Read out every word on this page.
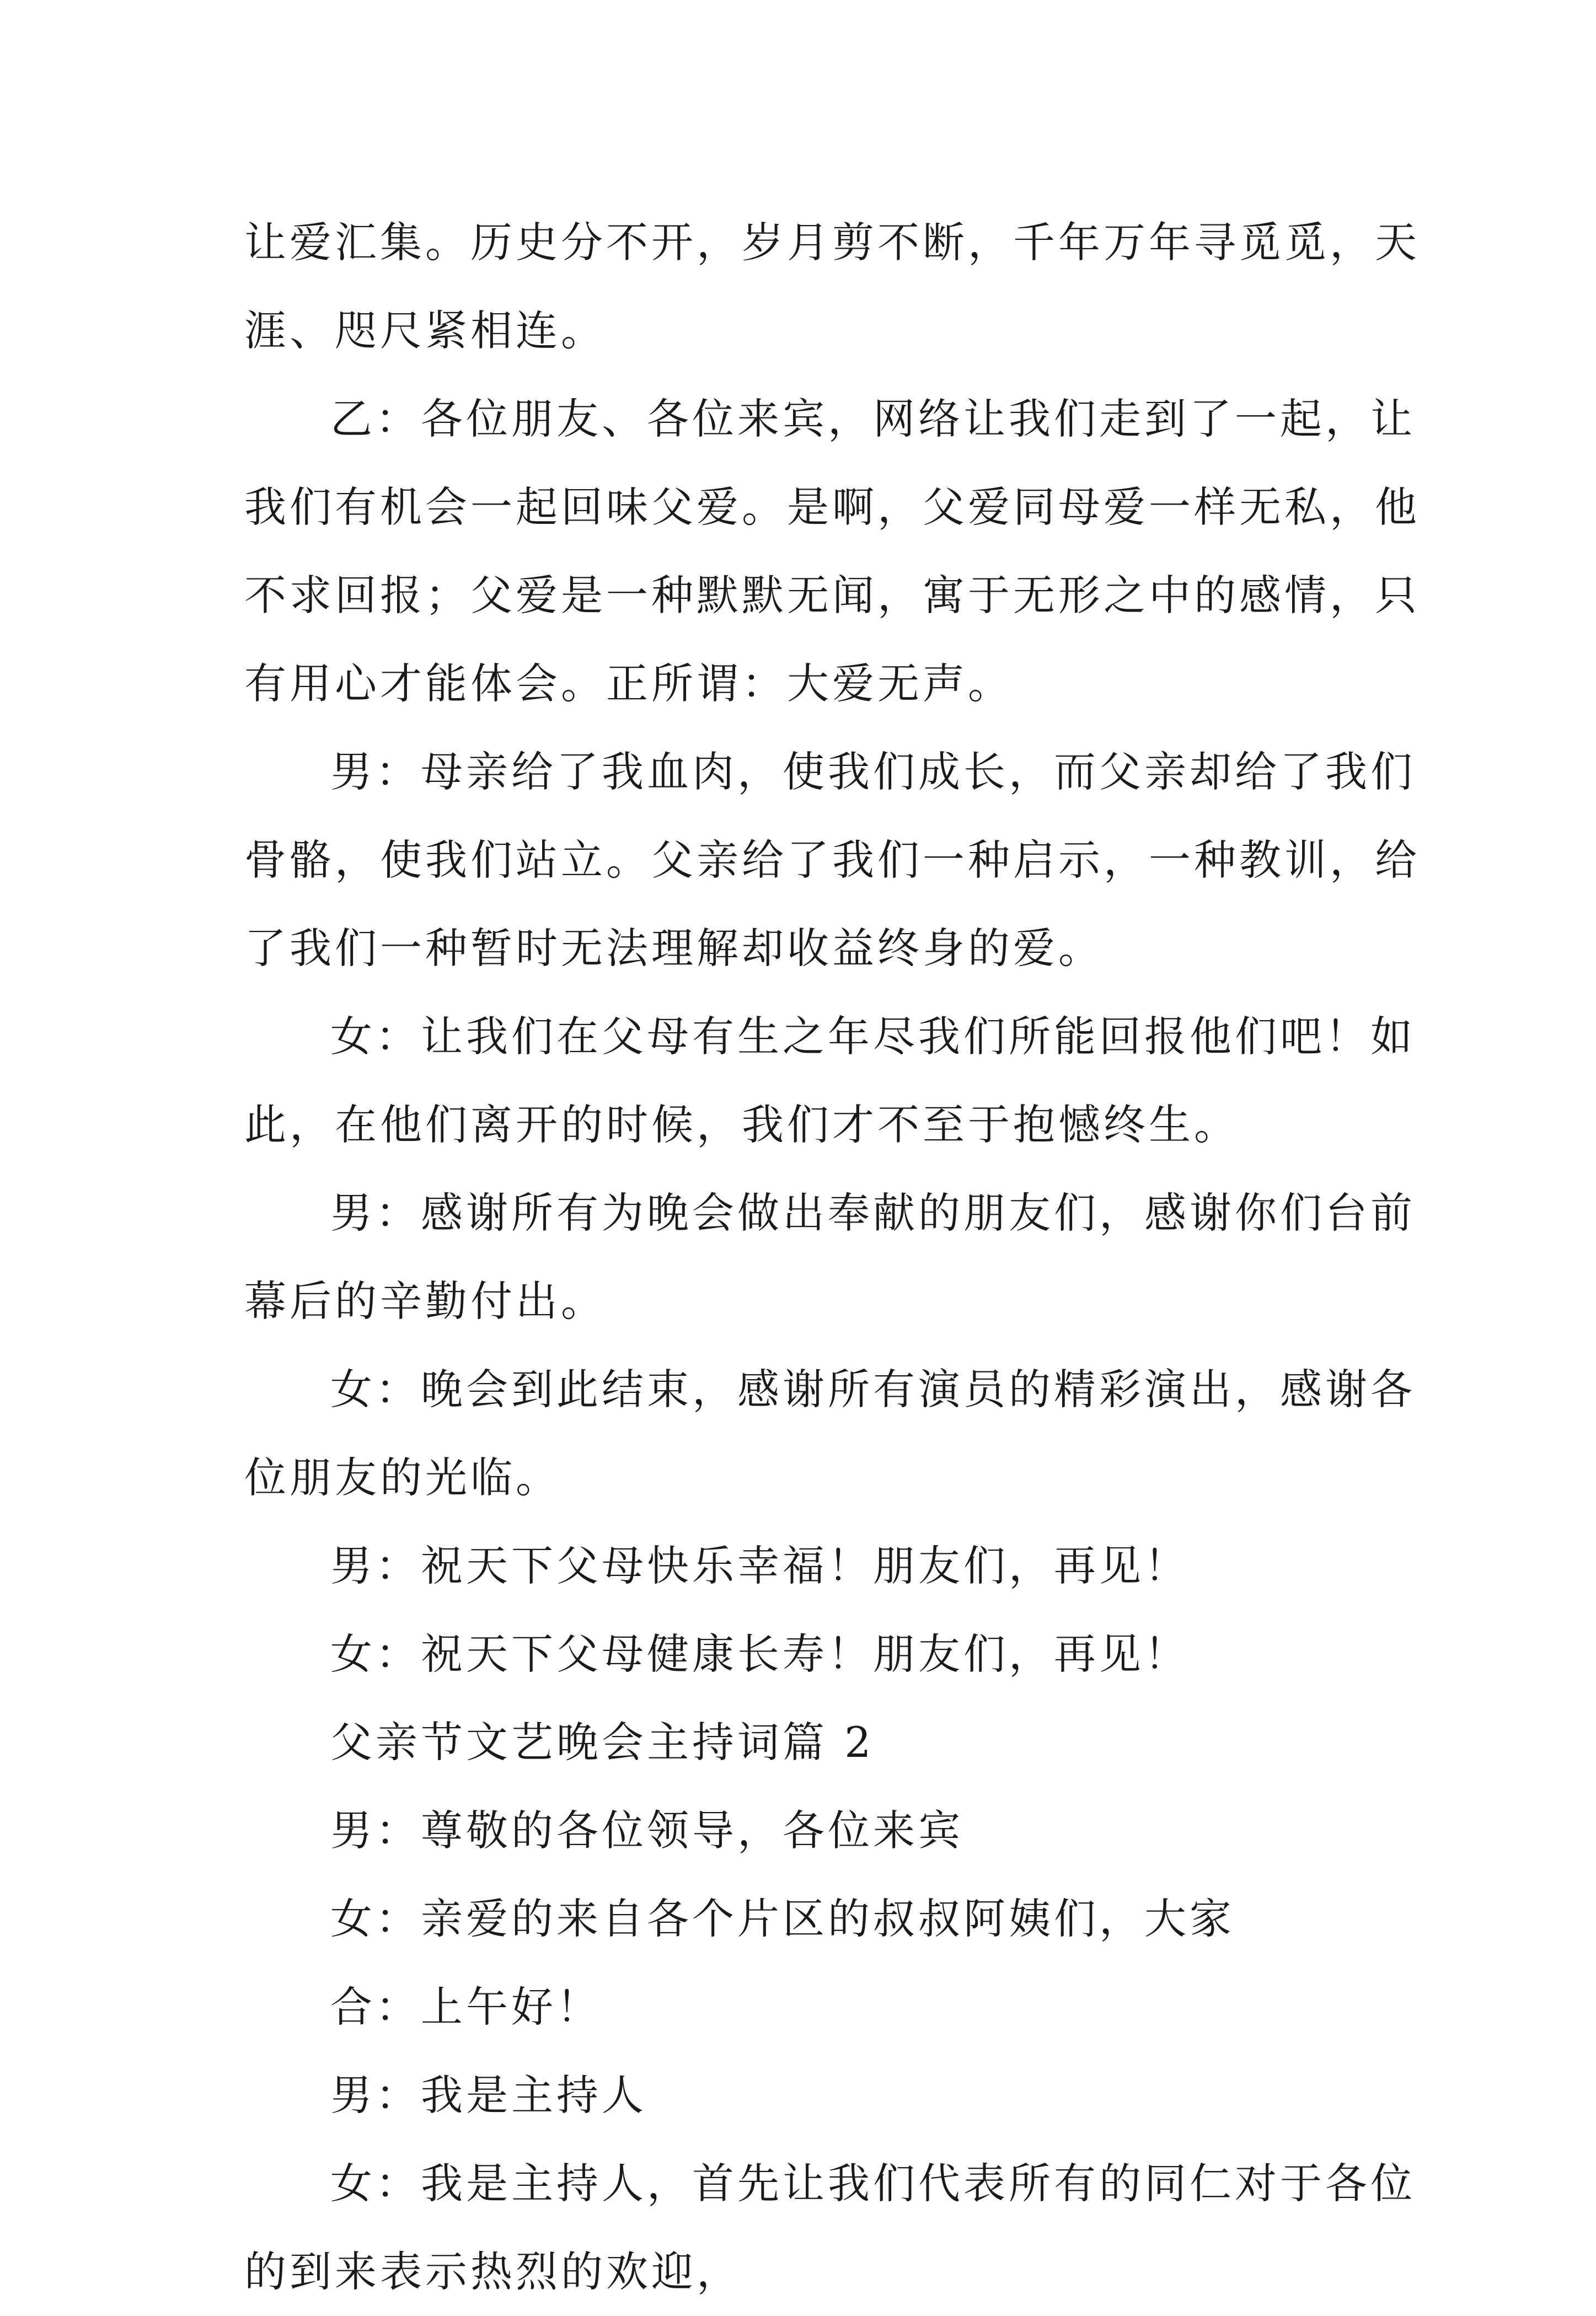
让爱汇集。历史分不开，岁月剪不断，千年万年寻觅觅，天
涯、咫尺紧相连。
乙：各位朋友、各位来宾，网络让我们走到了一起，让
我们有机会一起回味父爱。是啊，父爱同母爱一样无私，他
不求回报；父爱是一种默默无闻，寓于无形之中的感情，只
有用心才能体会。正所谓：大爱无声。
男：母亲给了我血肉，使我们成长，而父亲却给了我们
骨骼，使我们站立。父亲给了我们一种启示，一种教训，给
了我们一种暂时无法理解却收益终身的爱。
女：让我们在父母有生之年尽我们所能回报他们吧！如
此，在他们离开的时候，我们才不至于抱憾终生。
男：感谢所有为晚会做出奉献的朋友们，感谢你们台前
幕后的辛勤付出。
女：晚会到此结束，感谢所有演员的精彩演出，感谢各
位朋友的光临。
男：祝天下父母快乐幸福！朋友们，再见！
女：祝天下父母健康长寿！朋友们，再见！
父亲节文艺晚会主持词篇 2
男：尊敬的各位领导，各位来宾
女：亲爱的来自各个片区的叔叔阿姨们，大家
合：上午好！
男：我是主持人
女：我是主持人，首先让我们代表所有的同仁对于各位
的到来表示热烈的欢迎，
